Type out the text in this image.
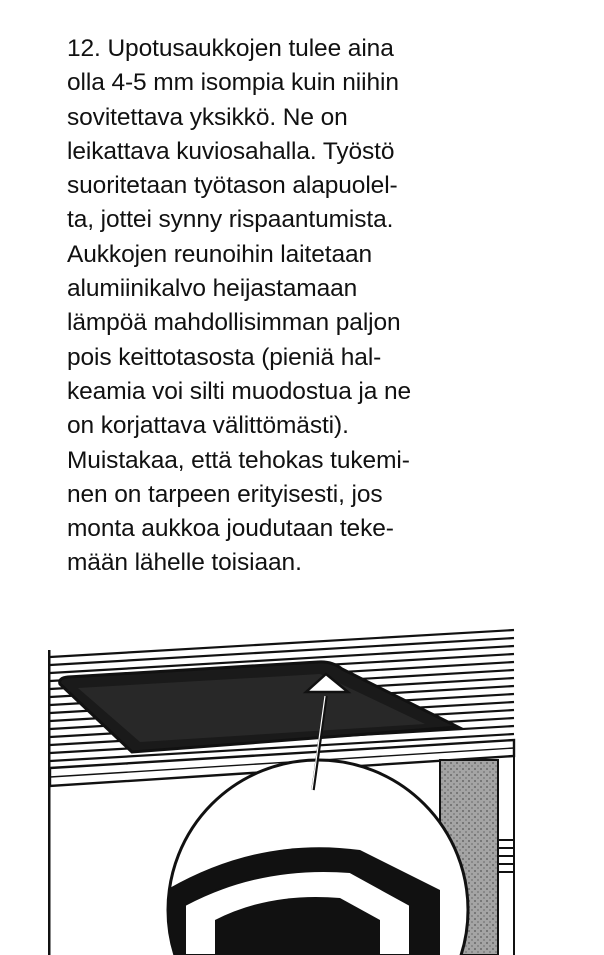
12. Upotusaukkojen tulee aina
olla 4-5 mm isompia kuin niihin
sovitettava yksikkö. Ne on
leikattava kuviosahalla. Työstö
suoritetaan työtason alapuolel-
ta, jottei synny rispaantumista.
Aukkojen reunoihin laitetaan
alumiinikalvo heijastamaan
lämpöä mahdollisimman paljon
pois keittotasosta (pieniä hal-
keamia voi silti muodostua ja ne
on korjattava välittömästi).
Muistakaa, että tehokas tukemi-
nen on tarpeen erityisesti, jos
monta aukkoa joudutaan teke-
mään lähelle toisiaan.
